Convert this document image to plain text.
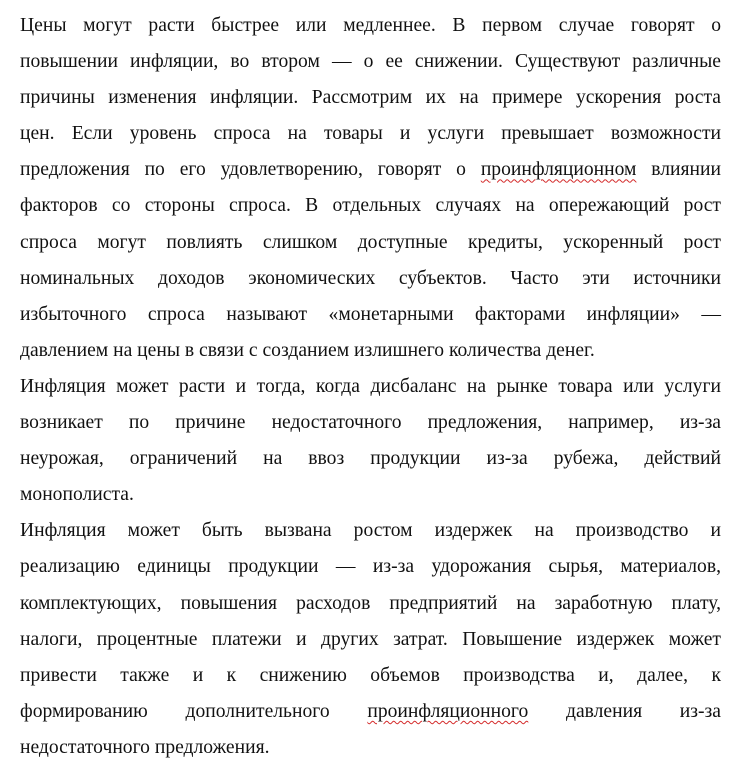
Цены могут расти быстрее или медленнее. В первом случае говорят о
повышении инфляции, во втором — о ее снижении. Существуют различные
причины изменения инфляции. Рассмотрим их на примере ускорения роста
цен. Если уровень спроса на товары и услуги превышает возможности
предложения по его удовлетворению, говорят о проинфляционном влиянии
факторов со стороны спроса. В отдельных случаях на опережающий рост
спроса могут повлиять слишком доступные кредиты, ускоренный рост
номинальных доходов экономических субъектов. Часто эти источники
избыточного спроса называют «монетарными факторами инфляции» —
давлением на цены в связи с созданием излишнего количества денег.
Инфляция может расти и тогда, когда дисбаланс на рынке товара или услуги
возникает по причине недостаточного предложения, например, из-за
неурожая, ограничений на ввоз продукции из-за рубежа, действий
монополиста.
Инфляция может быть вызвана ростом издержек на производство и
реализацию единицы продукции — из-за удорожания сырья, материалов,
комплектующих, повышения расходов предприятий на заработную плату,
налоги, процентные платежи и других затрат. Повышение издержек может
привести также и к снижению объемов производства и, далее, к
формированию дополнительного проинфляционного давления из-за
недостаточного предложения.
